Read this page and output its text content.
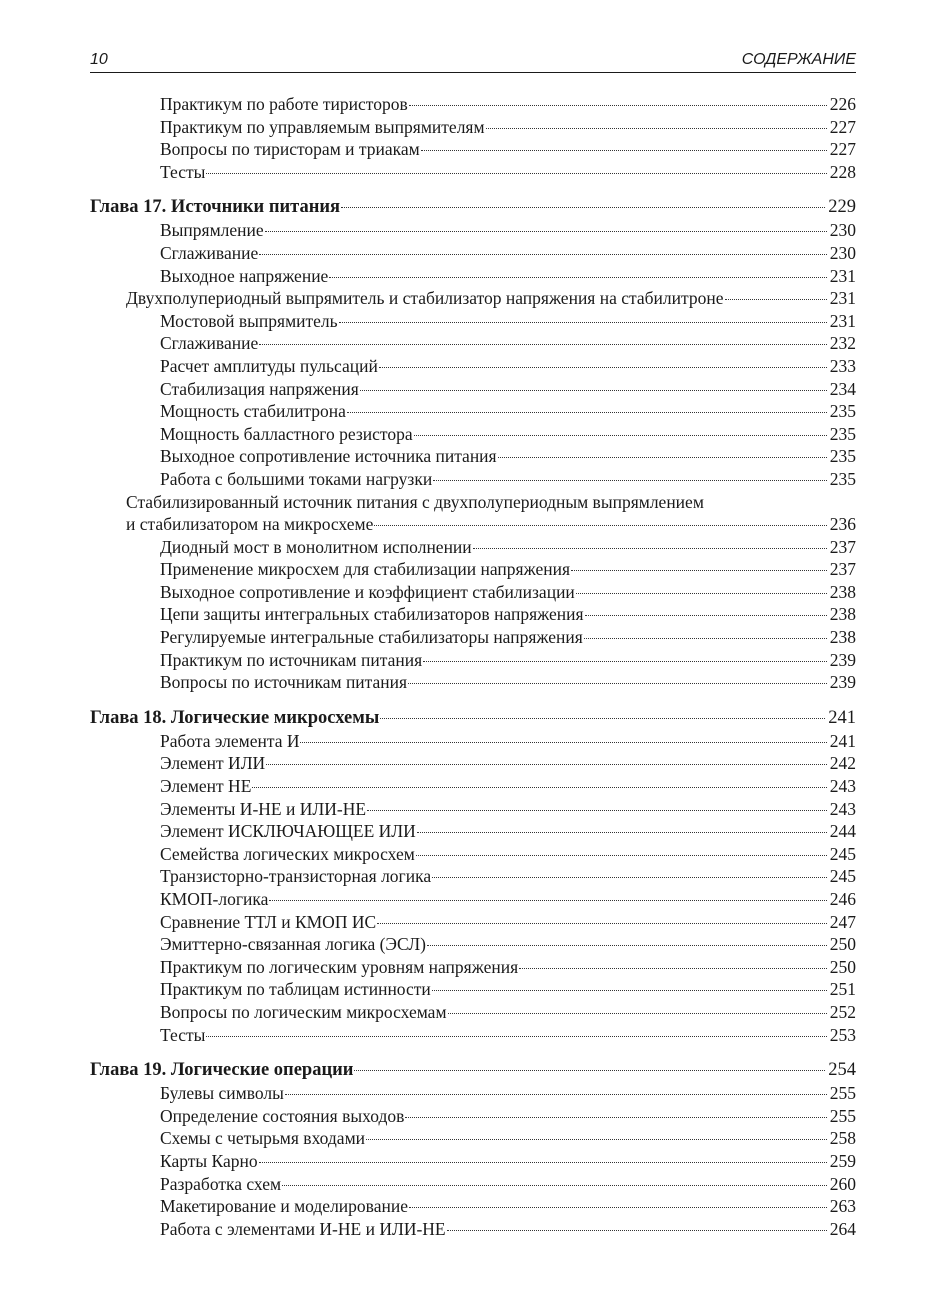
10	СОДЕРЖАНИЕ
Практикум по работе тиристоров	226
Практикум по управляемым выпрямителям	227
Вопросы по тиристорам и триакам	227
Тесты	228
Глава 17. Источники питания	229
Выпрямление	230
Сглаживание	230
Выходное напряжение	231
Двухполупериодный выпрямитель и стабилизатор напряжения на стабилитроне	231
Мостовой выпрямитель	231
Сглаживание	232
Расчет амплитуды пульсаций	233
Стабилизация напряжения	234
Мощность стабилитрона	235
Мощность балластного резистора	235
Выходное сопротивление источника питания	235
Работа с большими токами нагрузки	235
Стабилизированный источник питания с двухполупериодным выпрямлением
и стабилизатором на микросхеме	236
Диодный мост в монолитном исполнении	237
Применение микросхем для стабилизации напряжения	237
Выходное сопротивление и коэффициент стабилизации	238
Цепи защиты интегральных стабилизаторов напряжения	238
Регулируемые интегральные стабилизаторы напряжения	238
Практикум по источникам питания	239
Вопросы по источникам питания	239
Глава 18. Логические микросхемы	241
Работа элемента И	241
Элемент ИЛИ	242
Элемент НЕ	243
Элементы И-НЕ и ИЛИ-НЕ	243
Элемент ИСКЛЮЧАЮЩЕЕ ИЛИ	244
Семейства логических микросхем	245
Транзисторно-транзисторная логика	245
КМОП-логика	246
Сравнение ТТЛ и КМОП ИС	247
Эмиттерно-связанная логика (ЭСЛ)	250
Практикум по логическим уровням напряжения	250
Практикум по таблицам истинности	251
Вопросы по логическим микросхемам	252
Тесты	253
Глава 19. Логические операции	254
Булевы символы	255
Определение состояния выходов	255
Схемы с четырьмя входами	258
Карты Карно	259
Разработка схем	260
Макетирование и моделирование	263
Работа с элементами И-НЕ и ИЛИ-НЕ	264
